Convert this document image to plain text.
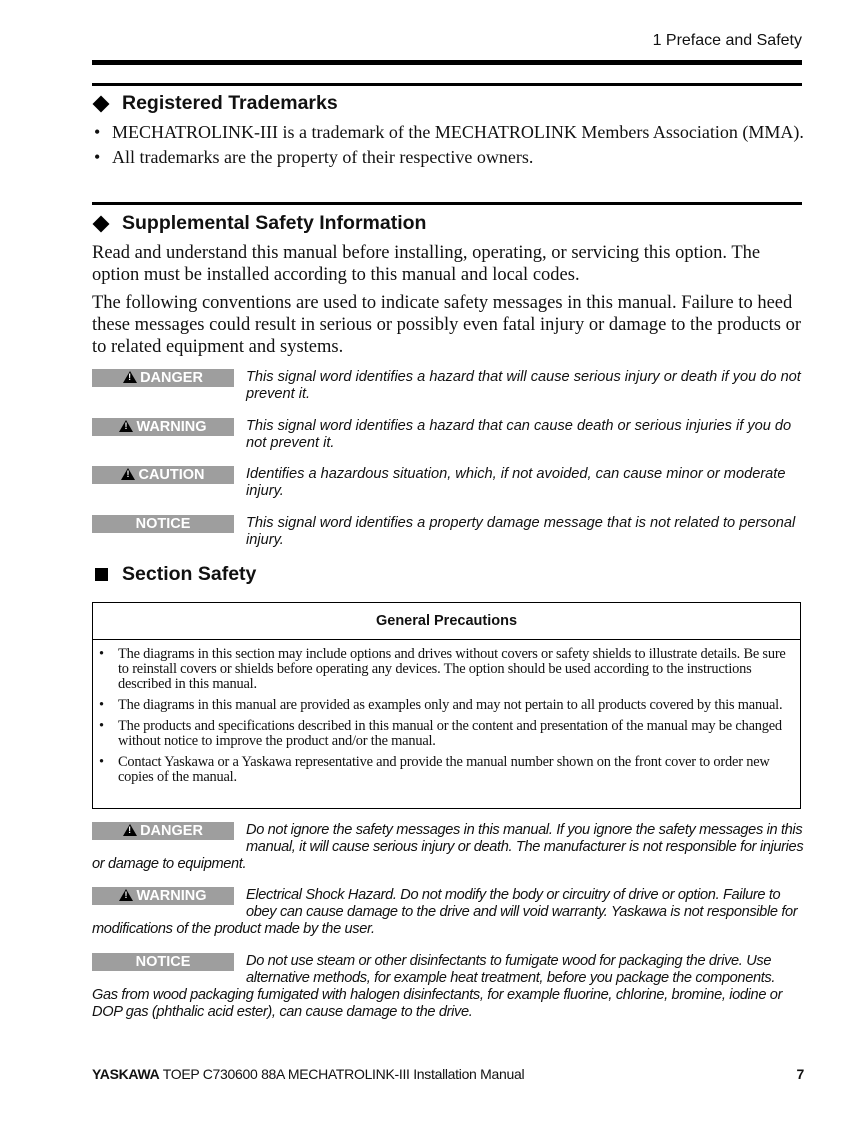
1 Preface and Safety
Registered Trademarks
• MECHATROLINK-III is a trademark of the MECHATROLINK Members Association (MMA).
• All trademarks are the property of their respective owners.
Supplemental Safety Information

Read and understand this manual before installing, operating, or servicing this option. The option must be installed according to this manual and local codes.

The following conventions are used to indicate safety messages in this manual. Failure to heed these messages could result in serious or possibly even fatal injury or damage to the products or to related equipment and systems.

!DANGER	This signal word identifies a hazard that will cause serious injury or death if you do not prevent it.
!WARNING	This signal word identifies a hazard that can cause death or serious injuries if you do not prevent it.
!CAUTION	Identifies a hazardous situation, which, if not avoided, can cause minor or moderate injury.
NOTICE	This signal word identifies a property damage message that is not related to personal injury.
Section Safety
General Precautions
• The diagrams in this section may include options and drives without covers or safety shields to illustrate details. Be sure to reinstall covers or shields before operating any devices. The option should be used according to the instructions described in this manual.
• The diagrams in this manual are provided as examples only and may not pertain to all products covered by this manual.
• The products and specifications described in this manual or the content and presentation of the manual may be changed without notice to improve the product and/or the manual.
• Contact Yaskawa or a Yaskawa representative and provide the manual number shown on the front cover to order new copies of the manual.
!DANGER	Do not ignore the safety messages in this manual. If you ignore the safety messages in this manual, it will cause serious injury or death. The manufacturer is not responsible for injuries or damage to equipment.
!WARNING	Electrical Shock Hazard. Do not modify the body or circuitry of drive or option. Failure to obey can cause damage to the drive and will void warranty. Yaskawa is not responsible for modifications of the product made by the user.
NOTICE	Do not use steam or other disinfectants to fumigate wood for packaging the drive. Use alternative methods, for example heat treatment, before you package the components. Gas from wood packaging fumigated with halogen disinfectants, for example fluorine, chlorine, bromine, iodine or DOP gas (phthalic acid ester), can cause damage to the drive.
YASKAWA TOEP C730600 88A MECHATROLINK-III Installation Manual	7
